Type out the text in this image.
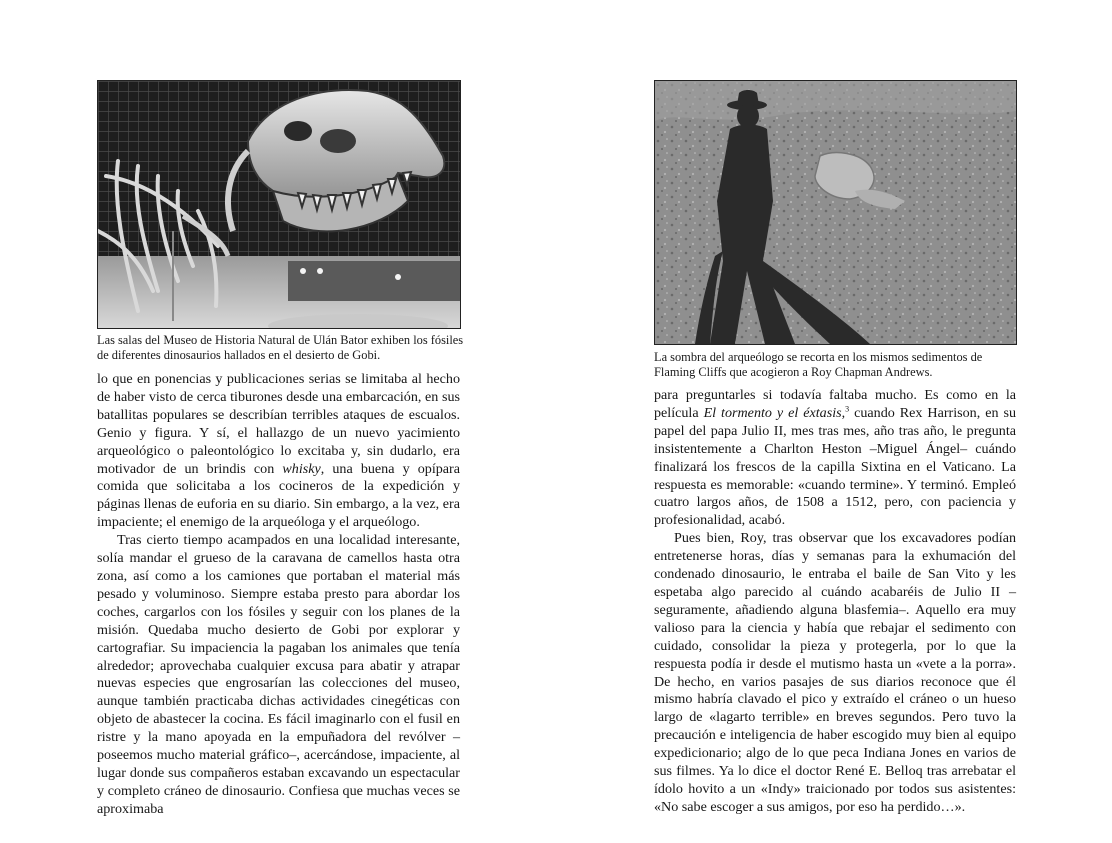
Las salas del Museo de Historia Natural de Ulán Bator exhiben los fósiles de diferentes dinosaurios hallados en el desierto de Gobi.

lo que en ponencias y publicaciones serias se limitaba al hecho de haber visto de cerca tiburones desde una embarcación, en sus batallitas populares se describían terribles ataques de escualos. Genio y figura. Y sí, el hallazgo de un nuevo yacimiento arqueológico o paleontológico lo excitaba y, sin dudarlo, era motivador de un brindis con whisky, una buena y opípara comida que solicitaba a los cocineros de la expedición y páginas llenas de euforia en su diario. Sin embargo, a la vez, era impaciente; el enemigo de la arqueóloga y el arqueólogo.

Tras cierto tiempo acampados en una localidad interesante, solía mandar el grueso de la caravana de camellos hasta otra zona, así como a los camiones que portaban el material más pesado y voluminoso. Siempre estaba presto para abordar los coches, cargarlos con los fósiles y seguir con los planes de la misión. Quedaba mucho desierto de Gobi por explorar y cartografiar. Su impaciencia la pagaban los animales que tenía alrededor; aprovechaba cualquier excusa para abatir y atrapar nuevas especies que engrosarían las colecciones del museo, aunque también practicaba dichas actividades cinegéticas con objeto de abastecer la cocina. Es fácil imaginarlo con el fusil en ristre y la mano apoyada en la empuñadora del revólver –poseemos mucho material gráfico–, acercándose, impaciente, al lugar donde sus compañeros estaban excavando un espectacular y completo cráneo de dinosaurio. Confiesa que muchas veces se aproximaba

La sombra del arqueólogo se recorta en los mismos sedimentos de Flaming Cliffs que acogieron a Roy Chapman Andrews.

para preguntarles si todavía faltaba mucho. Es como en la película El tormento y el éxtasis,$^3$ cuando Rex Harrison, en su papel del papa Julio II, mes tras mes, año tras año, le pregunta insistentemente a Charlton Heston –Miguel Ángel– cuándo finalizará los frescos de la capilla Sixtina en el Vaticano. La respuesta es memorable: «cuando termine». Y terminó. Empleó cuatro largos años, de 1508 a 1512, pero, con paciencia y profesionalidad, acabó.

Pues bien, Roy, tras observar que los excavadores podían entretenerse horas, días y semanas para la exhumación del condenado dinosaurio, le entraba el baile de San Vito y les espetaba algo parecido al cuándo acabaréis de Julio II –seguramente, añadiendo alguna blasfemia–. Aquello era muy valioso para la ciencia y había que rebajar el sedimento con cuidado, consolidar la pieza y protegerla, por lo que la respuesta podía ir desde el mutismo hasta un «vete a la porra». De hecho, en varios pasajes de sus diarios reconoce que él mismo habría clavado el pico y extraído el cráneo o un hueso largo de «lagarto terrible» en breves segundos. Pero tuvo la precaución e inteligencia de haber escogido muy bien al equipo expedicionario; algo de lo que peca Indiana Jones en varios de sus filmes. Ya lo dice el doctor René E. Belloq tras arrebatar el ídolo hovito a un «Indy» traicionado por todos sus asistentes: «No sabe escoger a sus amigos, por eso ha perdido…».
